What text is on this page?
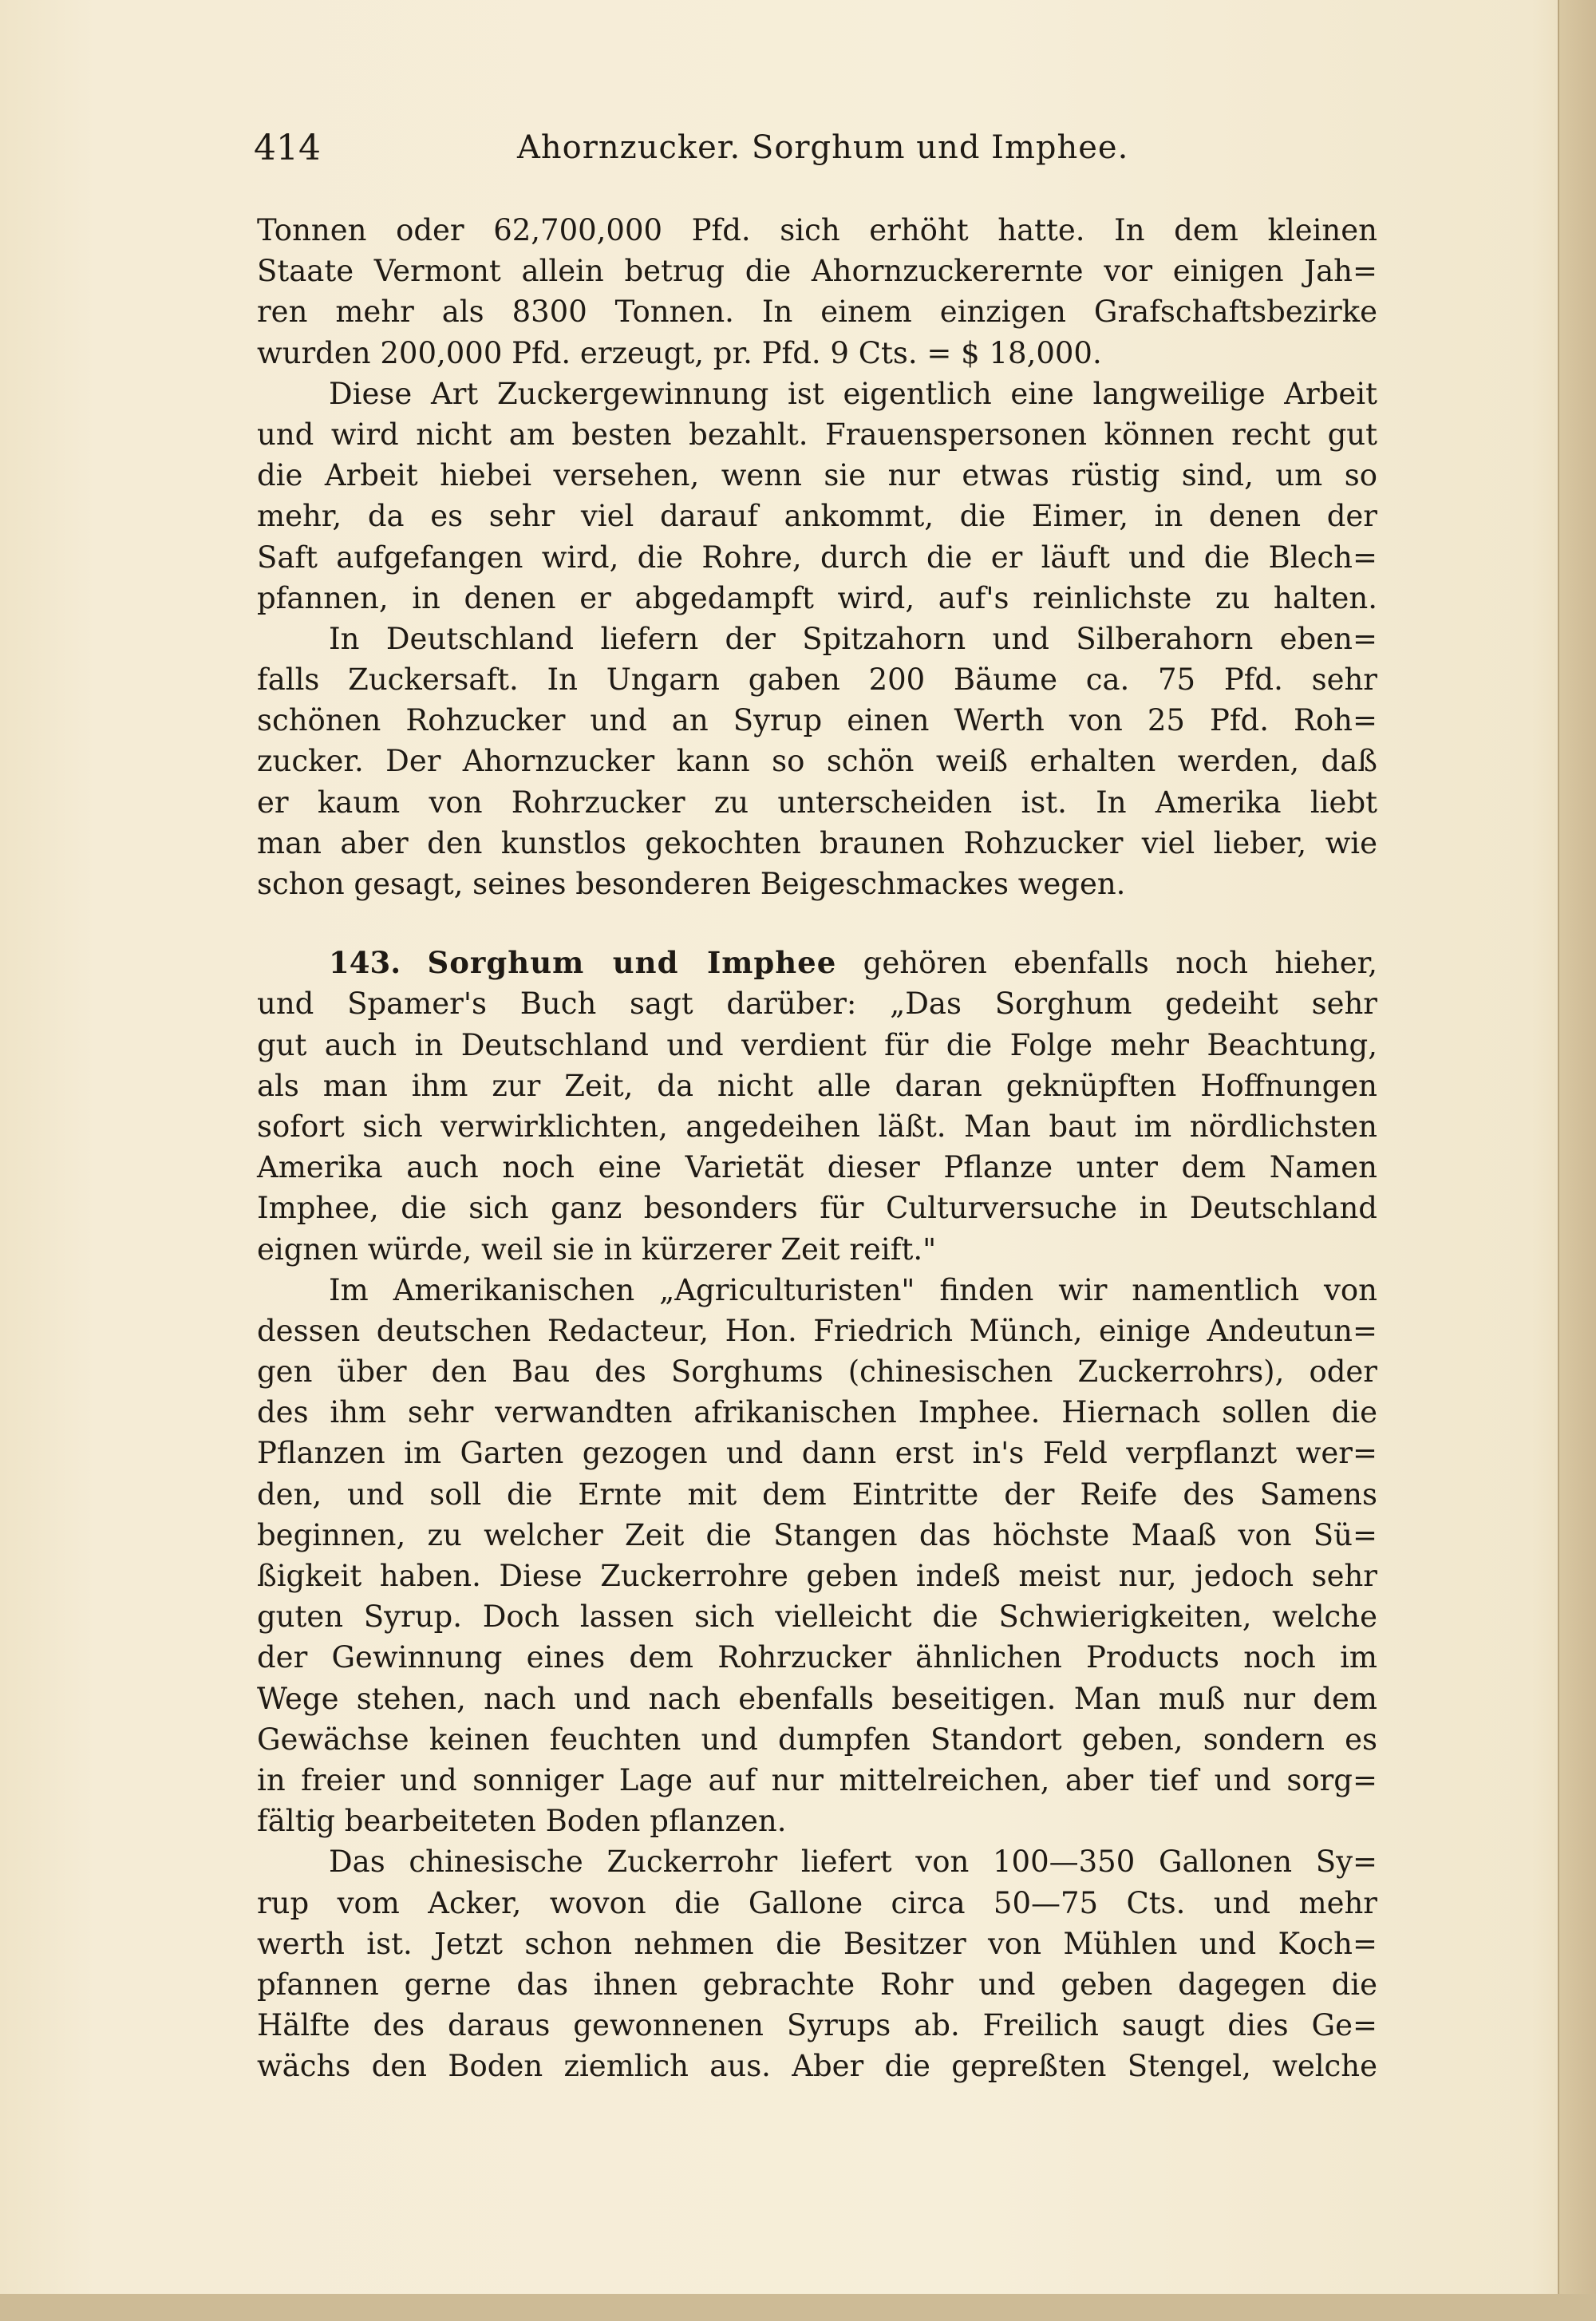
414	Ahornzucker. Sorghum und Imphee.
Tonnen oder 62,700,000 Pfd. sich erhöht hatte. In dem kleinen
Staate Vermont allein betrug die Ahornzuckerernte vor einigen Jah=
ren mehr als 8300 Tonnen. In einem einzigen Grafschaftsbezirke
wurden 200,000 Pfd. erzeugt, pr. Pfd. 9 Cts. = $ 18,000.
Diese Art Zuckergewinnung ist eigentlich eine langweilige Arbeit
und wird nicht am besten bezahlt. Frauenspersonen können recht gut
die Arbeit hiebei versehen, wenn sie nur etwas rüstig sind, um so
mehr, da es sehr viel darauf ankommt, die Eimer, in denen der
Saft aufgefangen wird, die Rohre, durch die er läuft und die Blech=
pfannen, in denen er abgedampft wird, auf's reinlichste zu halten.
In Deutschland liefern der Spitzahorn und Silberahorn eben=
falls Zuckersaft. In Ungarn gaben 200 Bäume ca. 75 Pfd. sehr
schönen Rohzucker und an Syrup einen Werth von 25 Pfd. Roh=
zucker. Der Ahornzucker kann so schön weiß erhalten werden, daß
er kaum von Rohrzucker zu unterscheiden ist. In Amerika liebt
man aber den kunstlos gekochten braunen Rohzucker viel lieber, wie
schon gesagt, seines besonderen Beigeschmackes wegen.
143. Sorghum und Imphee gehören ebenfalls noch hieher,
und Spamer's Buch sagt darüber: „Das Sorghum gedeiht sehr
gut auch in Deutschland und verdient für die Folge mehr Beachtung,
als man ihm zur Zeit, da nicht alle daran geknüpften Hoffnungen
sofort sich verwirklichten, angedeihen läßt. Man baut im nördlichsten
Amerika auch noch eine Varietät dieser Pflanze unter dem Namen
Imphee, die sich ganz besonders für Culturversuche in Deutschland
eignen würde, weil sie in kürzerer Zeit reift."
Im Amerikanischen „Agriculturisten" finden wir namentlich von
dessen deutschen Redacteur, Hon. Friedrich Münch, einige Andeutun=
gen über den Bau des Sorghums (chinesischen Zuckerrohrs), oder
des ihm sehr verwandten afrikanischen Imphee. Hiernach sollen die
Pflanzen im Garten gezogen und dann erst in's Feld verpflanzt wer=
den, und soll die Ernte mit dem Eintritte der Reife des Samens
beginnen, zu welcher Zeit die Stangen das höchste Maaß von Sü=
ßigkeit haben. Diese Zuckerrohre geben indeß meist nur, jedoch sehr
guten Syrup. Doch lassen sich vielleicht die Schwierigkeiten, welche
der Gewinnung eines dem Rohrzucker ähnlichen Products noch im
Wege stehen, nach und nach ebenfalls beseitigen. Man muß nur dem
Gewächse keinen feuchten und dumpfen Standort geben, sondern es
in freier und sonniger Lage auf nur mittelreichen, aber tief und sorg=
fältig bearbeiteten Boden pflanzen.
Das chinesische Zuckerrohr liefert von 100—350 Gallonen Sy=
rup vom Acker, wovon die Gallone circa 50—75 Cts. und mehr
werth ist. Jetzt schon nehmen die Besitzer von Mühlen und Koch=
pfannen gerne das ihnen gebrachte Rohr und geben dagegen die
Hälfte des daraus gewonnenen Syrups ab. Freilich saugt dies Ge=
wächs den Boden ziemlich aus. Aber die gepreßten Stengel, welche
